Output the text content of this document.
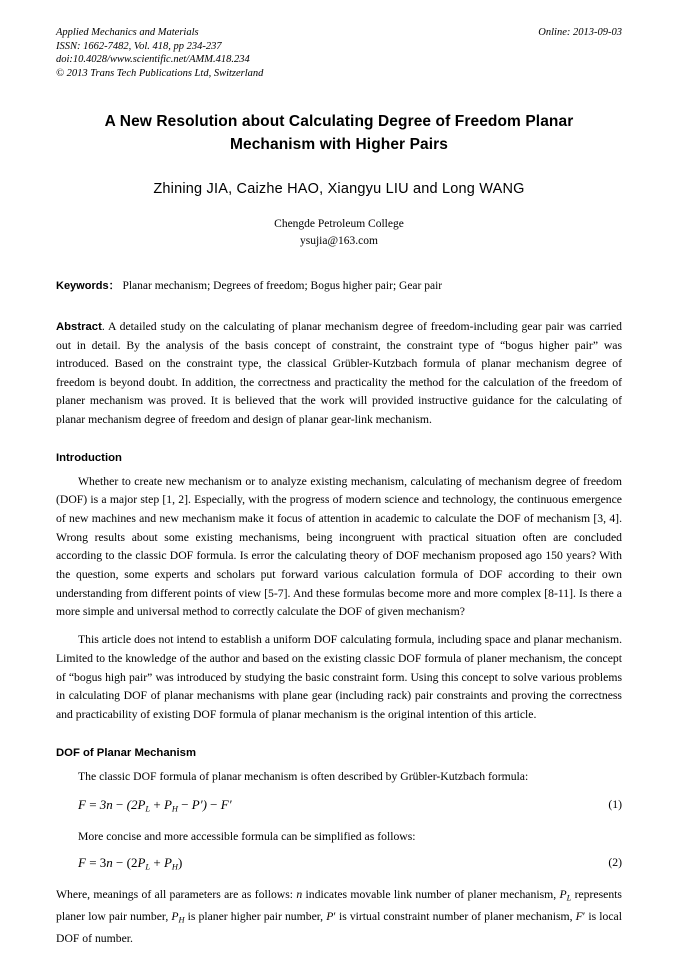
Applied Mechanics and Materials
ISSN: 1662-7482, Vol. 418, pp 234-237
doi:10.4028/www.scientific.net/AMM.418.234
© 2013 Trans Tech Publications Ltd, Switzerland
Online: 2013-09-03
A New Resolution about Calculating Degree of Freedom Planar
Mechanism with Higher Pairs
Zhining JIA, Caizhe HAO, Xiangyu LIU and Long WANG
Chengde Petroleum College
ysujia@163.com
Keywords： Planar mechanism; Degrees of freedom; Bogus higher pair; Gear pair
Abstract. A detailed study on the calculating of planar mechanism degree of freedom-including gear pair was carried out in detail. By the analysis of the basis concept of constraint, the constraint type of “bogus higher pair” was introduced. Based on the constraint type, the classical Grübler-Kutzbach formula of planar mechanism degree of freedom is beyond doubt. In addition, the correctness and practicality the method for the calculation of the freedom of planer mechanism was proved. It is believed that the work will provided instructive guidance for the calculating of planar mechanism degree of freedom and design of planar gear-link mechanism.
Introduction

Whether to create new mechanism or to analyze existing mechanism, calculating of mechanism degree of freedom (DOF) is a major step [1, 2]. Especially, with the progress of modern science and technology, the continuous emergence of new machines and new mechanism make it focus of attention in academic to calculate the DOF of mechanism [3, 4]. Wrong results about some existing mechanisms, being incongruent with practical situation often are concluded according to the classic DOF formula. Is error the calculating theory of DOF mechanism proposed ago 150 years? With the question, some experts and scholars put forward various calculation formula of DOF according to their own understanding from different points of view [5-7]. And these formulas become more and more complex [8-11]. Is there a more simple and universal method to correctly calculate the DOF of given mechanism?

This article does not intend to establish a uniform DOF calculating formula, including space and planar mechanism. Limited to the knowledge of the author and based on the existing classic DOF formula of planer mechanism, the concept of “bogus high pair” was introduced by studying the basic constraint form. Using this concept to solve various problems in calculating DOF of planar mechanisms with plane gear (including rack) pair constraints and proving the correctness and practicability of existing DOF formula of planar mechanism is the original intention of this article.

DOF of Planar Mechanism

The classic DOF formula of planar mechanism is often described by Grübler-Kutzbach formula:

$F = 3n - (2P_L + P_H - P') - F'$	(1)

More concise and more accessible formula can be simplified as follows:

$F = 3n - (2P_L + P_H)$	(2)

Where, meanings of all parameters are as follows: n indicates movable link number of planer mechanism, $P_L$ represents planer low pair number, $P_H$ is planer higher pair number, P′ is virtual constraint number of planer mechanism, F′ is local DOF of number.
